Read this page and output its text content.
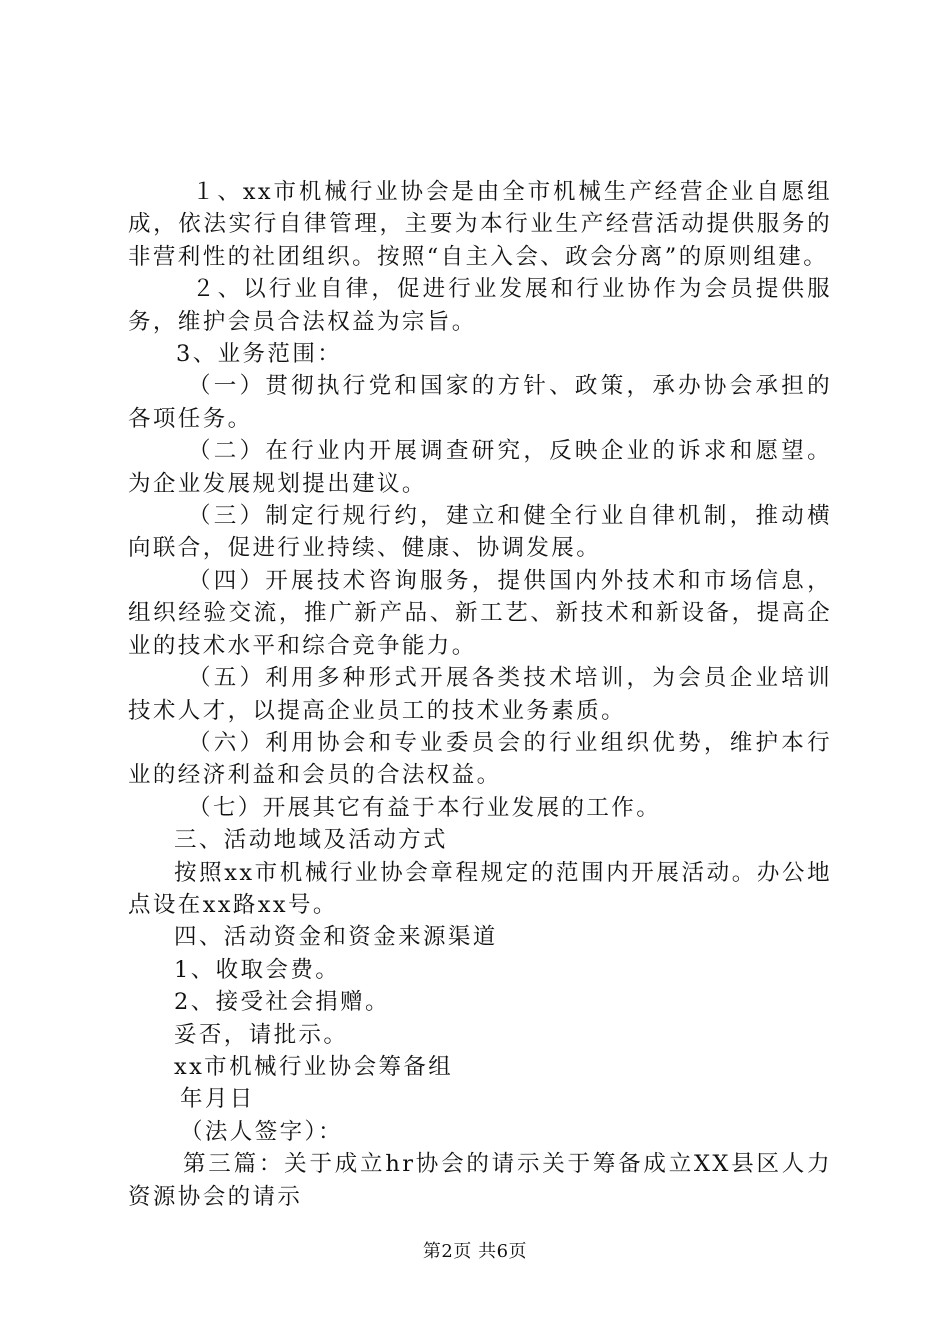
１、xx市机械行业协会是由全市机械生产经营企业自愿组成，依法实行自律管理，主要为本行业生产经营活动提供服务的非营利性的社团组织。按照“自主入会、政会分离”的原则组建。

２、以行业自律，促进行业发展和行业协作为会员提供服务，维护会员合法权益为宗旨。

3、业务范围：

（一）贯彻执行党和国家的方针、政策，承办协会承担的各项任务。

（二）在行业内开展调查研究，反映企业的诉求和愿望。为企业发展规划提出建议。

（三）制定行规行约，建立和健全行业自律机制，推动横向联合，促进行业持续、健康、协调发展。

（四）开展技术咨询服务，提供国内外技术和市场信息，组织经验交流，推广新产品、新工艺、新技术和新设备，提高企业的技术水平和综合竞争能力。

（五）利用多种形式开展各类技术培训，为会员企业培训技术人才，以提高企业员工的技术业务素质。

（六）利用协会和专业委员会的行业组织优势，维护本行业的经济利益和会员的合法权益。

（七）开展其它有益于本行业发展的工作。

三、活动地域及活动方式

按照xx市机械行业协会章程规定的范围内开展活动。办公地点设在xx路xx号。

四、活动资金和资金来源渠道

1、收取会费。

2、接受社会捐赠。

妥否，请批示。

xx市机械行业协会筹备组

年月日

（法人签字）：

第三篇：关于成立hr协会的请示关于筹备成立XX县区人力资源协会的请示

第2页 共6页
